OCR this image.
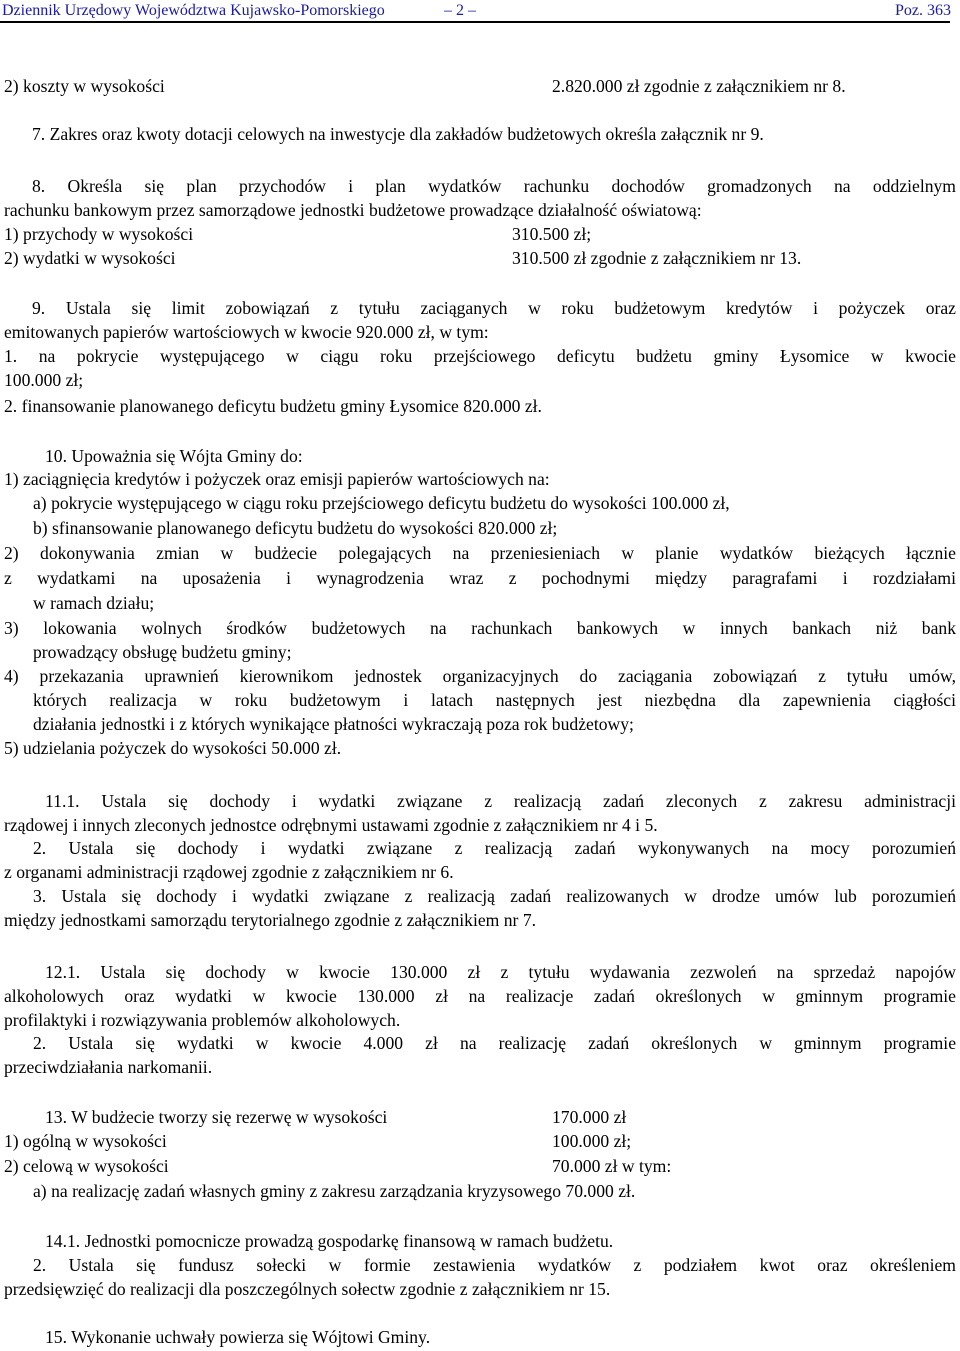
Dziennik Urzędowy Województwa Kujawsko-Pomorskiego	– 2 –	Poz. 363
2) koszty w wysokości	2.820.000 zł zgodnie z załącznikiem nr 8.
7. Zakres oraz kwoty dotacji celowych na inwestycje dla zakładów budżetowych określa załącznik nr 9.
8. Określa się plan przychodów i plan wydatków rachunku dochodów gromadzonych na oddzielnym
rachunku bankowym przez samorządowe jednostki budżetowe prowadzące działalność oświatową:
1) przychody w wysokości	310.500 zł;
2) wydatki w wysokości	310.500 zł zgodnie z załącznikiem nr 13.
9. Ustala się limit zobowiązań z tytułu zaciąganych w roku budżetowym kredytów i pożyczek oraz
emitowanych papierów wartościowych w kwocie 920.000 zł, w tym:
1. na pokrycie występującego w ciągu roku przejściowego deficytu budżetu gminy Łysomice w kwocie
100.000 zł;
2. finansowanie planowanego deficytu budżetu gminy Łysomice 820.000 zł.
10. Upoważnia się Wójta Gminy do:
1) zaciągnięcia kredytów i pożyczek oraz emisji papierów wartościowych na:
a) pokrycie występującego w ciągu roku przejściowego deficytu budżetu do wysokości 100.000 zł,
b) sfinansowanie planowanego deficytu budżetu do wysokości 820.000 zł;
2) dokonywania zmian w budżecie polegających na przeniesieniach w planie wydatków bieżących łącznie
z wydatkami na uposażenia i wynagrodzenia wraz z pochodnymi między paragrafami i rozdziałami
w ramach działu;
3) lokowania wolnych środków budżetowych na rachunkach bankowych w innych bankach niż bank
prowadzący obsługę budżetu gminy;
4) przekazania uprawnień kierownikom jednostek organizacyjnych do zaciągania zobowiązań z tytułu umów,
których realizacja w roku budżetowym i latach następnych jest niezbędna dla zapewnienia ciągłości
działania jednostki i z których wynikające płatności wykraczają poza rok budżetowy;
5) udzielania pożyczek do wysokości 50.000 zł.
11.1. Ustala się dochody i wydatki związane z realizacją zadań zleconych z zakresu administracji
rządowej i innych zleconych jednostce odrębnymi ustawami zgodnie z załącznikiem nr 4 i 5.
2. Ustala się dochody i wydatki związane z realizacją zadań wykonywanych na mocy porozumień
z organami administracji rządowej zgodnie z załącznikiem nr 6.
3. Ustala się dochody i wydatki związane z realizacją zadań realizowanych w drodze umów lub porozumień
między jednostkami samorządu terytorialnego zgodnie z załącznikiem nr 7.
12.1. Ustala się dochody w kwocie 130.000 zł z tytułu wydawania zezwoleń na sprzedaż napojów
alkoholowych oraz wydatki w kwocie 130.000 zł na realizacje zadań określonych w gminnym programie
profilaktyki i rozwiązywania problemów alkoholowych.
2. Ustala się wydatki w kwocie 4.000 zł na realizację zadań określonych w gminnym programie
przeciwdziałania narkomanii.
13. W budżecie tworzy się rezerwę w wysokości	170.000 zł
1) ogólną w wysokości	100.000 zł;
2) celową w wysokości	70.000 zł w tym:
a) na realizację zadań własnych gminy z zakresu zarządzania kryzysowego 70.000 zł.
14.1. Jednostki pomocnicze prowadzą gospodarkę finansową w ramach budżetu.
2. Ustala się fundusz sołecki w formie zestawienia wydatków z podziałem kwot oraz określeniem
przedsięwzięć do realizacji dla poszczególnych sołectw zgodnie z załącznikiem nr 15.
15. Wykonanie uchwały powierza się Wójtowi Gminy.
